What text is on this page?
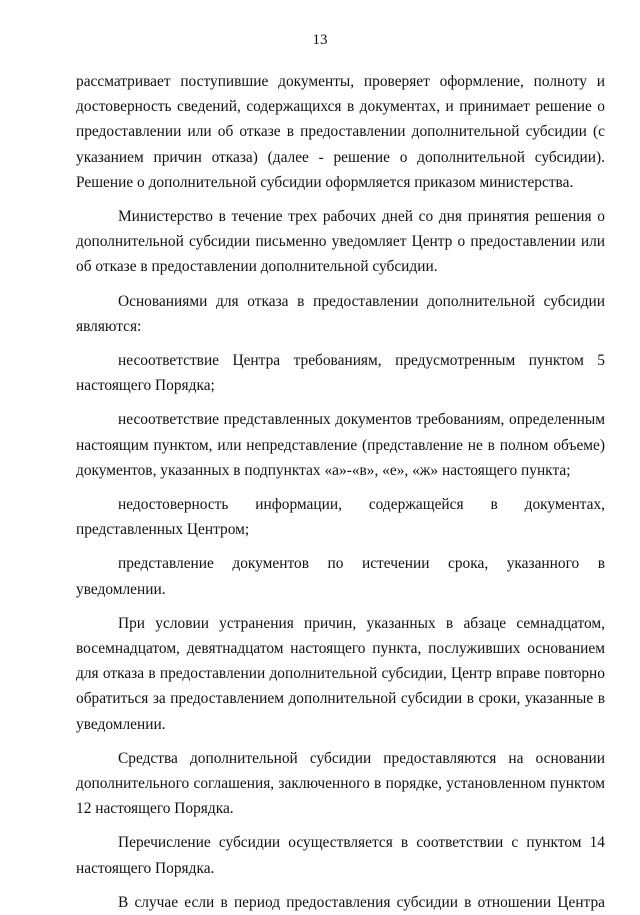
13

рассматривает поступившие документы, проверяет оформление, полноту и достоверность сведений, содержащихся в документах, и принимает решение о предоставлении или об отказе в предоставлении дополнительной субсидии (с указанием причин отказа) (далее - решение о дополнительной субсидии). Решение о дополнительной субсидии оформляется приказом министерства.

Министерство в течение трех рабочих дней со дня принятия решения о дополнительной субсидии письменно уведомляет Центр о предоставлении или об отказе в предоставлении дополнительной субсидии.

Основаниями для отказа в предоставлении дополнительной субсидии являются:

несоответствие Центра требованиям, предусмотренным пунктом 5 настоящего Порядка;

несоответствие представленных документов требованиям, определенным настоящим пунктом, или непредставление (представление не в полном объеме) документов, указанных в подпунктах «а»-«в», «е», «ж» настоящего пункта;

недостоверность информации, содержащейся в документах, представленных Центром;

представление документов по истечении срока, указанного в уведомлении.

При условии устранения причин, указанных в абзаце семнадцатом, восемнадцатом, девятнадцатом настоящего пункта, послуживших основанием для отказа в предоставлении дополнительной субсидии, Центр вправе повторно обратиться за предоставлением дополнительной субсидии в сроки, указанные в уведомлении.

Средства дополнительной субсидии предоставляются на основании дополнительного соглашения, заключенного в порядке, установленном пунктом 12 настоящего Порядка.

Перечисление субсидии осуществляется в соответствии с пунктом 14 настоящего Порядка.

В случае если в период предоставления субсидии в отношении Центра
